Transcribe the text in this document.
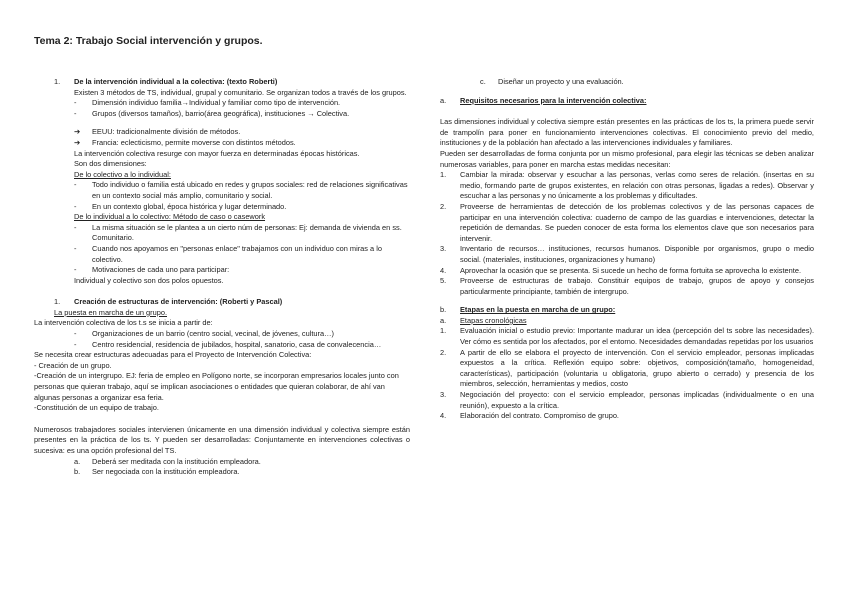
Tema 2: Trabajo Social intervención y grupos.
1.	De la intervención individual a la colectiva: (texto Roberti)

Existen 3 métodos de TS, individual, grupal y comunitario. Se organizan todos a través de los grupos.

-	Dimensión individuo familia→Individual y familiar como tipo de intervención.
-	Grupos (diversos tamaños), barrio(área geográfica), instituciones → Colectiva.
➔	EEUU: tradicionalmente división de métodos.
➔	Francia: eclecticismo, permite moverse con distintos métodos.

La intervención colectiva resurge con mayor fuerza en determinadas épocas históricas.

Son dos dimensiones:

De lo colectivo a lo individual:

-	Todo individuo o familia está ubicado en redes y grupos sociales: red de relaciones significativas en un contexto social más amplio, comunitario y social.
-	En un contexto global, época histórica y lugar determinado.

De lo individual a lo colectivo: Método de caso o casework

-	La misma situación se le plantea a un cierto núm de personas: Ej: demanda de vivienda en ss. Comunitario.
-	Cuando nos apoyamos en "personas enlace" trabajamos con un individuo con miras a lo colectivo.
-	Motivaciones de cada uno para participar:

Individual y colectivo son dos polos opuestos.

1.	Creación de estructuras de intervención: (Roberti y Pascal)

La puesta en marcha de un grupo.

La intervención colectiva de los t.s se inicia a partir de:

-	Organizaciones de un barrio (centro social, vecinal, de jóvenes, cultura…)
-	Centro residencial, residencia de jubilados, hospital, sanatorio, casa de convalecencia…

Se necesita crear estructuras adecuadas para el Proyecto de Intervención Colectiva:

- Creación de un grupo.

-Creación de un intergrupo. EJ: feria de empleo en Polígono norte, se incorporan empresarios locales junto con personas que quieran trabajo, aquí se implican asociaciones o entidades que quieran colaborar, de ahí van algunas personas a organizar esa feria.

-Constitución de un equipo de trabajo.

Numerosos trabajadores sociales intervienen únicamente en una dimensión individual y colectiva siempre están presentes en la práctica de los ts. Y pueden ser desarrolladas: Conjuntamente en intervenciones colectivas o sucesiva: es una opción profesional del TS.

a.	Deberá ser meditada con la institución empleadora.
b.	Ser negociada con la institución empleadora.
c.	Diseñar un proyecto y una evaluación.
a.	Requisitos necesarios para la intervención colectiva:

Las dimensiones individual y colectiva siempre están presentes en las prácticas de los ts, la primera puede servir de trampolín para poner en funcionamiento intervenciones colectivas. El conocimiento previo del medio, instituciones y de la población han afectado a las intervenciones individuales y familiares.

Pueden ser desarrolladas de forma conjunta por un mismo profesional, para elegir las técnicas se deben analizar numerosas variables, para poner en marcha estas medidas necesitan:

1.	Cambiar la mirada: observar y escuchar a las personas, verlas como seres de relación. (insertas en su medio, formando parte de grupos existentes, en relación con otras personas, ligadas a redes). Observar y escuchar a las personas y no únicamente a los problemas y dificultades.
2.	Proveerse de herramientas de detección de los problemas colectivos y de las personas capaces de participar en una intervención colectiva: cuaderno de campo de las guardias e intervenciones, detectar la repetición de demandas. Se pueden conocer de esta forma los elementos clave que son necesarios para intervenir.
3.	Inventario de recursos… instituciones, recursos humanos. Disponible por organismos, grupo o medio social. (materiales, instituciones, organizaciones y humano)
4.	Aprovechar la ocasión que se presenta. Si sucede un hecho de forma fortuita se aprovecha lo existente.
5.	Proveerse de estructuras de trabajo. Constituir equipos de trabajo, grupos de apoyo y consejos particularmente principiante, también de intergrupo.
b.	Etapas en la puesta en marcha de un grupo:
a.	Etapas cronológicas
1.	Evaluación inicial o estudio previo: Importante madurar un idea (percepción del ts sobre las necesidades). Ver cómo es sentida por los afectados, por el entorno. Necesidades demandadas repetidas por los usuarios
2.	A partir de ello se elabora el proyecto de intervención. Con el servicio empleador, personas implicadas expuestos a la crítica. Reflexión equipo sobre: objetivos, composición(tamaño, homogeneidad, características), participación (voluntaria u obligatoria, grupo abierto o cerrado) y presencia de los miembros, selección, herramientas y medios, costo
3.	Negociación del proyecto: con el servicio empleador, personas implicadas (individualmente o en una reunión), expuesto a la crítica.
4.	Elaboración del contrato. Compromiso de grupo.
